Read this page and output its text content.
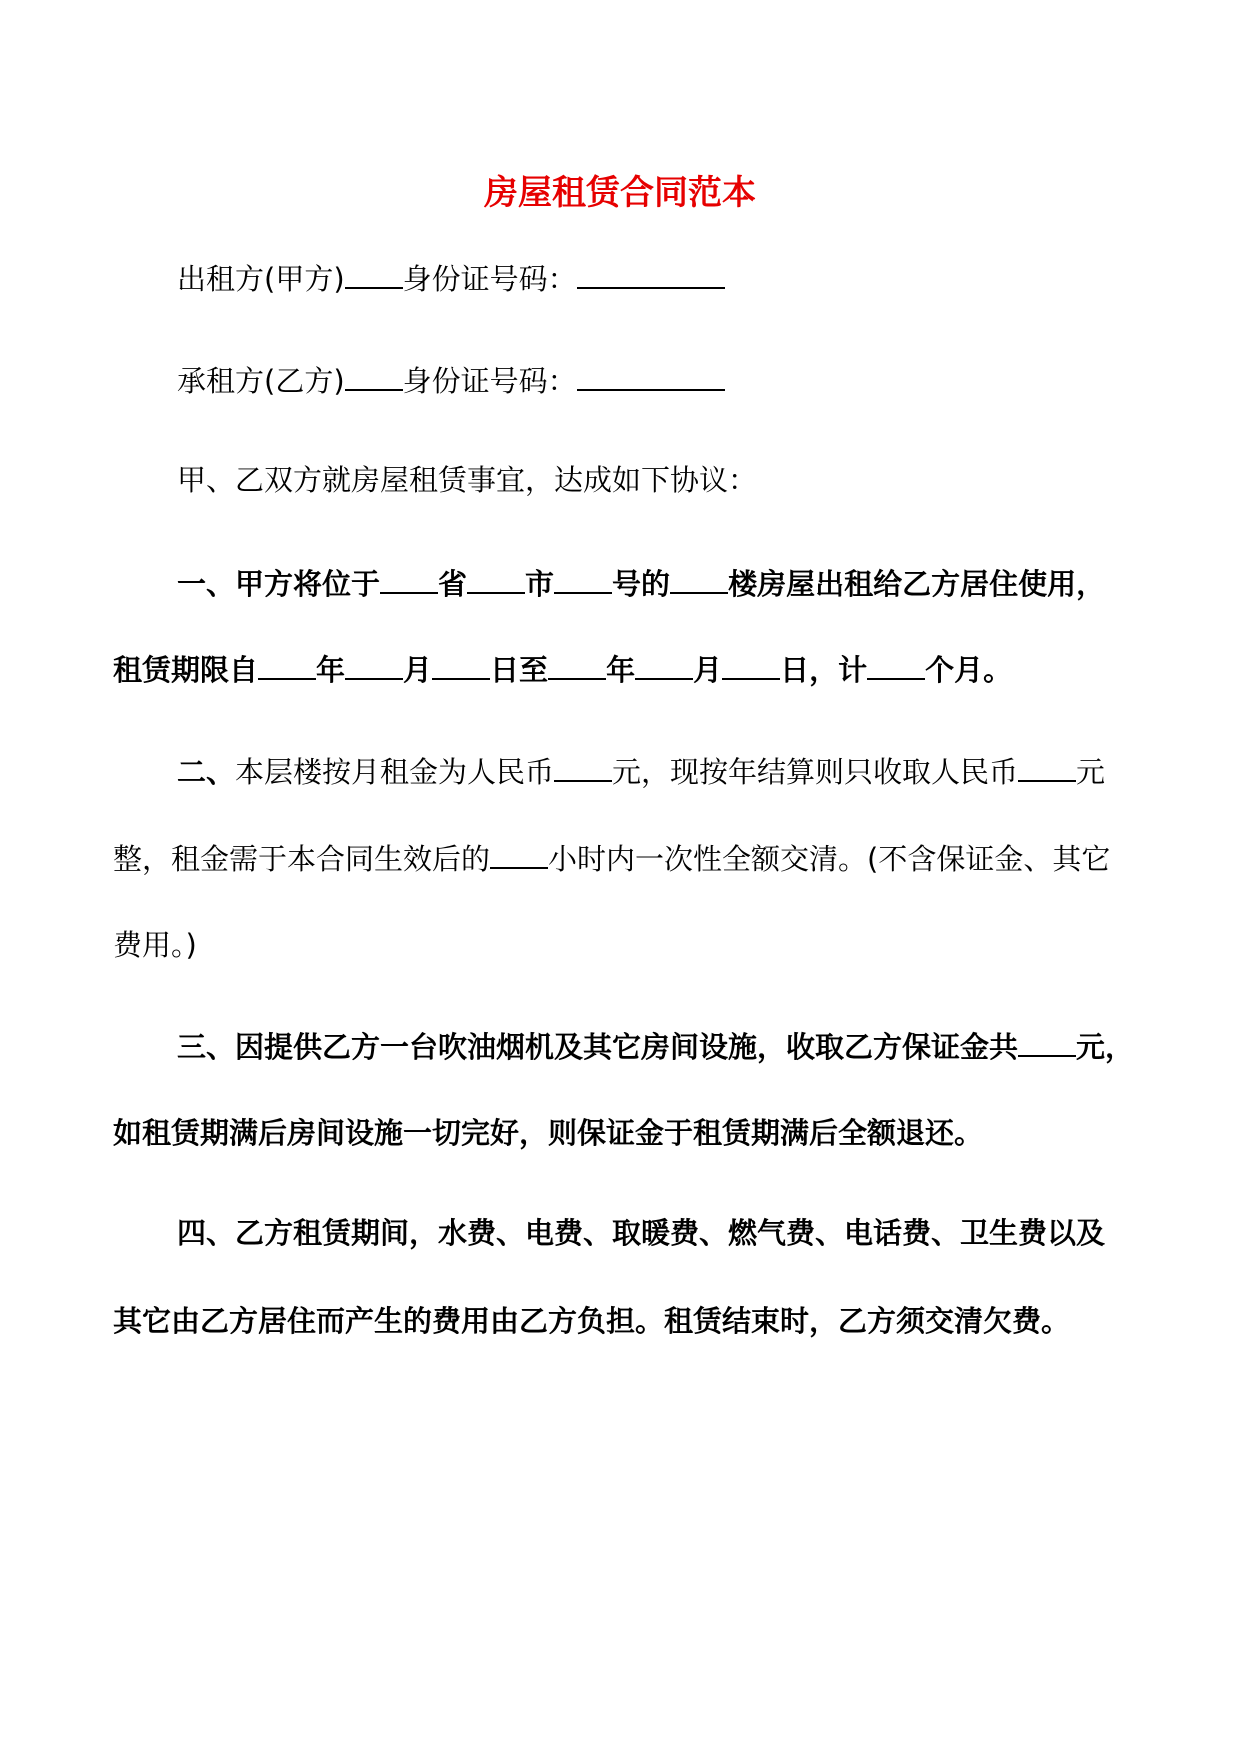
房屋租赁合同范本
出租方(甲方) 身份证号码：
承租方(乙方) 身份证号码：
甲、乙双方就房屋租赁事宜，达成如下协议：
一、甲方将位于 省 市 号的 楼房屋出租给乙方居住使用，
租赁期限自 年 月 日至 年 月 日，计 个月。
二、本层楼按月租金为人民币 元，现按年结算则只收取人民币 元
整，租金需于本合同生效后的 小时内一次性全额交清。(不含保证金、其它
费用。)
三、因提供乙方一台吹油烟机及其它房间设施，收取乙方保证金共 元，
如租赁期满后房间设施一切完好，则保证金于租赁期满后全额退还。
四、乙方租赁期间，水费、电费、取暖费、燃气费、电话费、卫生费以及
其它由乙方居住而产生的费用由乙方负担。租赁结束时，乙方须交清欠费。
